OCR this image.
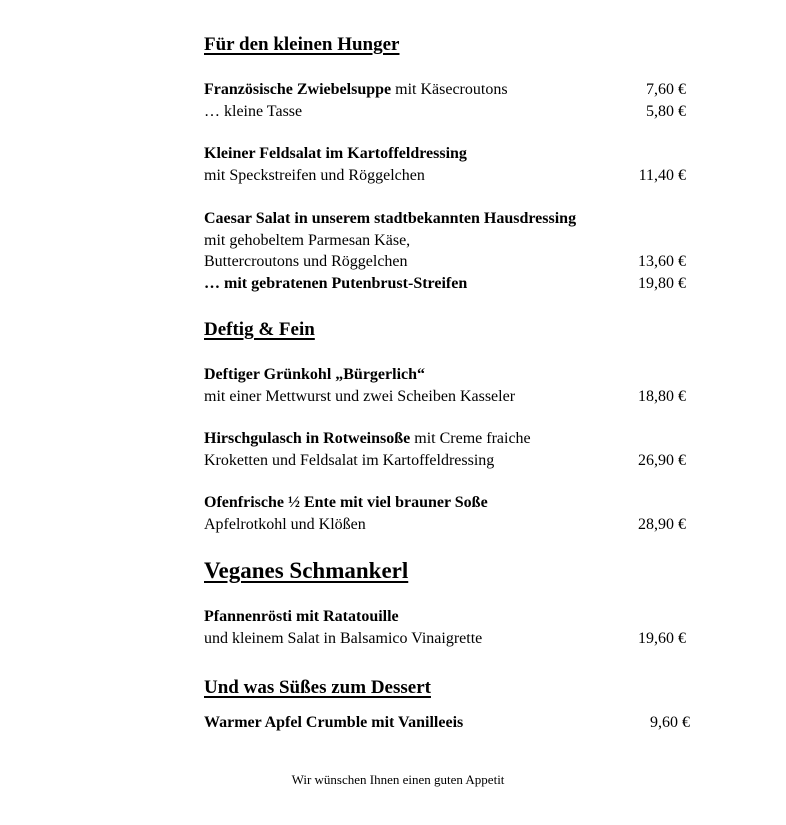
Für den kleinen Hunger
Französische Zwiebelsuppe mit Käsecroutons	7,60 €
… kleine Tasse	5,80 €
Kleiner Feldsalat im Kartoffeldressing
mit Speckstreifen und Röggelchen	11,40 €
Caesar Salat in unserem stadtbekannten Hausdressing
mit gehobeltem Parmesan Käse,
Buttercroutons und Röggelchen	13,60 €
… mit gebratenen Putenbrust-Streifen	19,80 €
Deftig & Fein
Deftiger Grünkohl „Bürgerlich“
mit einer Mettwurst und zwei Scheiben Kasseler	18,80 €
Hirschgulasch in Rotweinsoße mit Creme fraiche
Kroketten und Feldsalat im Kartoffeldressing	26,90 €
Ofenfrische ½ Ente mit viel brauner Soße
Apfelrotkohl und Klößen	28,90 €
Veganes Schmankerl
Pfannenrösti mit Ratatouille
und kleinem Salat in Balsamico Vinaigrette	19,60 €
Und was Süßes zum Dessert
Warmer Apfel Crumble mit Vanilleeis	9,60 €
Wir wünschen Ihnen einen guten Appetit
